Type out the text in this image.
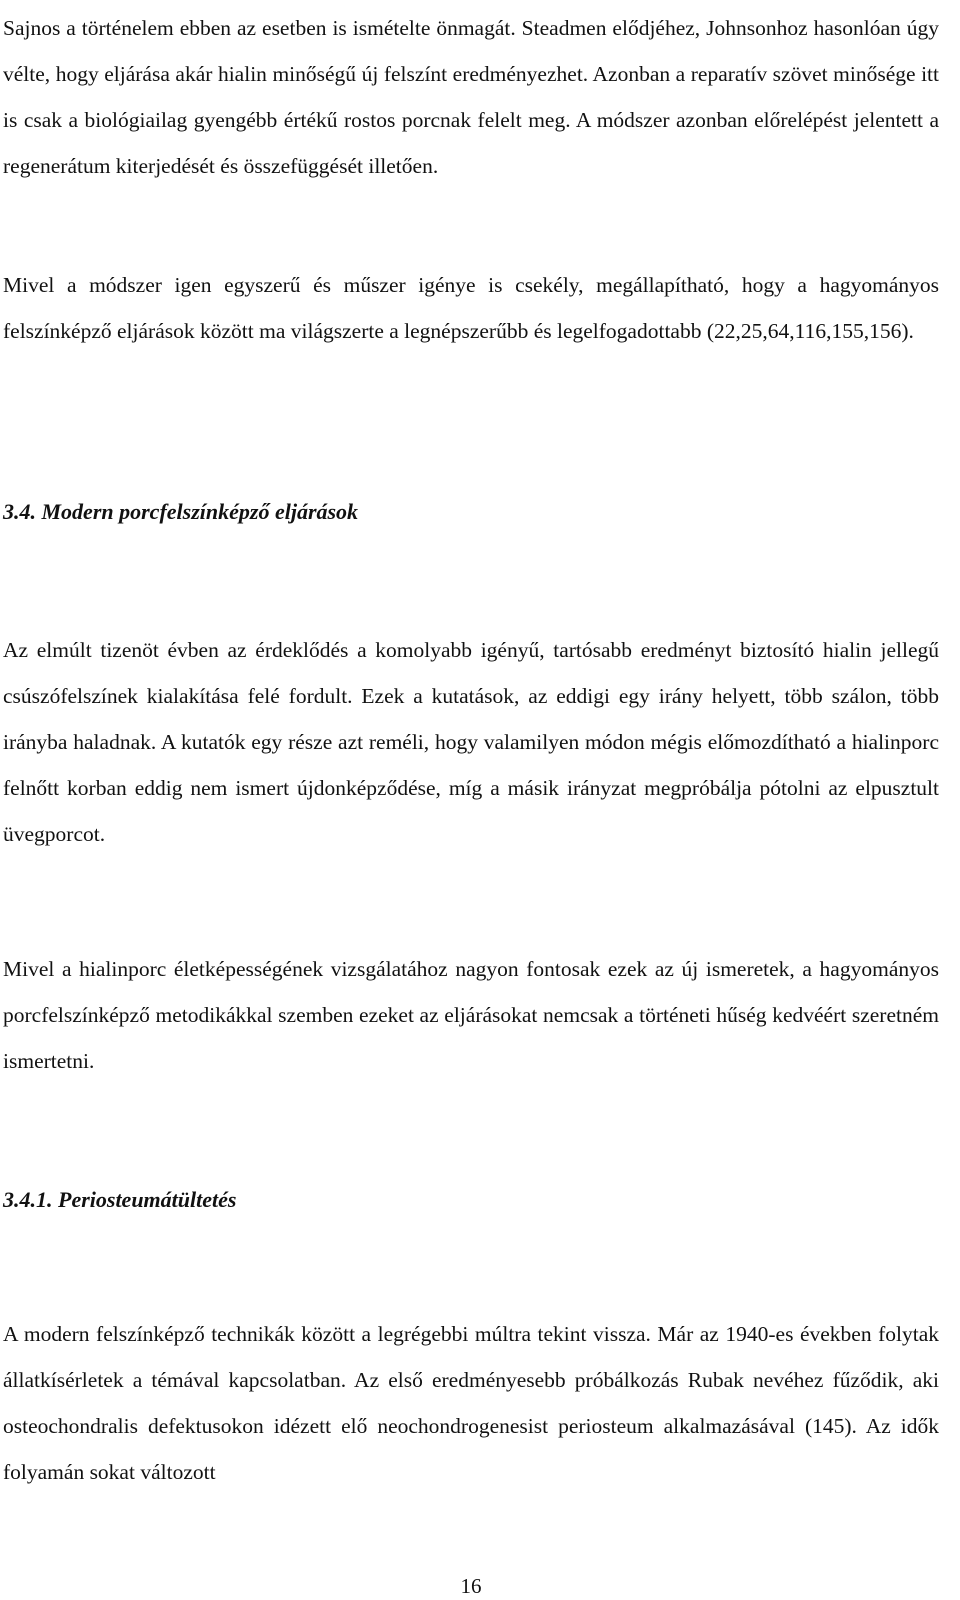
Sajnos a történelem ebben az esetben is ismételte önmagát. Steadmen elődjéhez, Johnsonhoz hasonlóan úgy vélte, hogy eljárása akár hialin minőségű új felszínt eredményezhet. Azonban a reparatív szövet minősége itt is csak a biológiailag gyengébb értékű rostos porcnak felelt meg. A módszer azonban előrelépést jelentett a regenerátum kiterjedését és összefüggését illetően.

Mivel a módszer igen egyszerű és műszer igénye is csekély, megállapítható, hogy a hagyományos felszínképző eljárások között ma világszerte a legnépszerűbb és legelfogadottabb (22,25,64,116,155,156).

3.4. Modern porcfelszínképző eljárások

Az elmúlt tizenöt évben az érdeklődés a komolyabb igényű, tartósabb eredményt biztosító hialin jellegű csúszófelszínek kialakítása felé fordult. Ezek a kutatások, az eddigi egy irány helyett, több szálon, több irányba haladnak. A kutatók egy része azt reméli, hogy valamilyen módon mégis előmozdítható a hialinporc felnőtt korban eddig nem ismert újdonképződése, míg a másik irányzat megpróbálja pótolni az elpusztult üvegporcot.

Mivel a hialinporc életképességének vizsgálatához nagyon fontosak ezek az új ismeretek, a hagyományos porcfelszínképző metodikákkal szemben ezeket az eljárásokat nemcsak a történeti hűség kedvéért szeretném ismertetni.

3.4.1. Periosteumátültetés

A modern felszínképző technikák között a legrégebbi múltra tekint vissza. Már az 1940-es években folytak állatkísérletek a témával kapcsolatban. Az első eredményesebb próbálkozás Rubak nevéhez fűződik, aki osteochondralis defektusokon idézett elő neochondrogenesist periosteum alkalmazásával (145). Az idők folyamán sokat változott

16
